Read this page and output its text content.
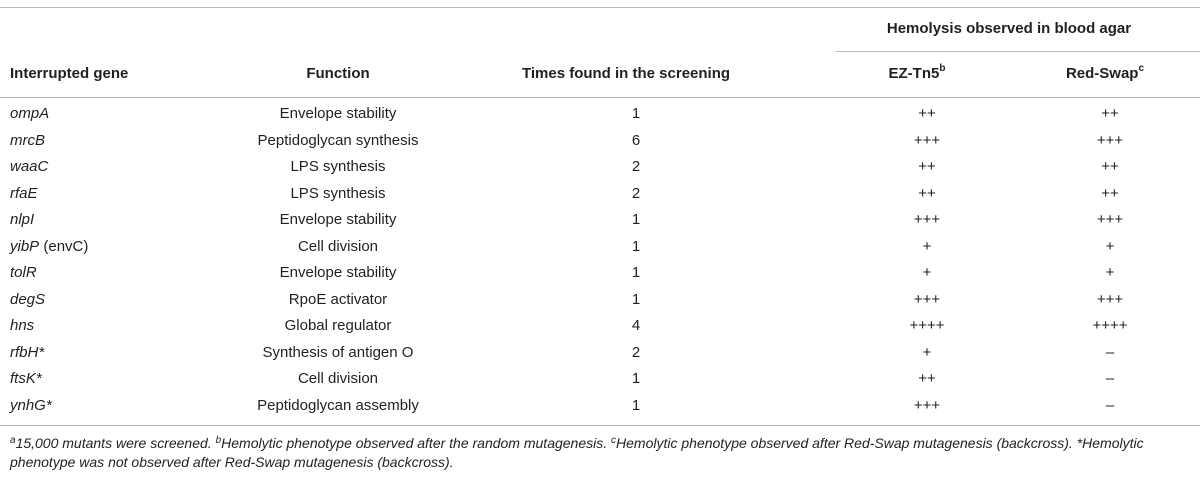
Hemolysis observed in blood agar
Interrupted gene	Function	Times found in the screening	EZ-Tn5$^b$	Red-Swap$^c$
ompA	Envelope stability	1	++	++
mrcB	Peptidoglycan synthesis	6	+++	+++
waaC	LPS synthesis	2	++	++
rfaE	LPS synthesis	2	++	++
nlpI	Envelope stability	1	+++	+++
yibP (envC)	Cell division	1	+	+
tolR	Envelope stability	1	+	+
degS	RpoE activator	1	+++	+++
hns	Global regulator	4	++++	++++
rfbH*	Synthesis of antigen O	2	+	–
ftsK*	Cell division	1	++	–
ynhG*	Peptidoglycan assembly	1	+++	–
$^a$15,000 mutants were screened. $^b$Hemolytic phenotype observed after the random mutagenesis. $^c$Hemolytic phenotype observed after Red-Swap mutagenesis (backcross). *Hemolytic phenotype was not observed after Red-Swap mutagenesis (backcross).
